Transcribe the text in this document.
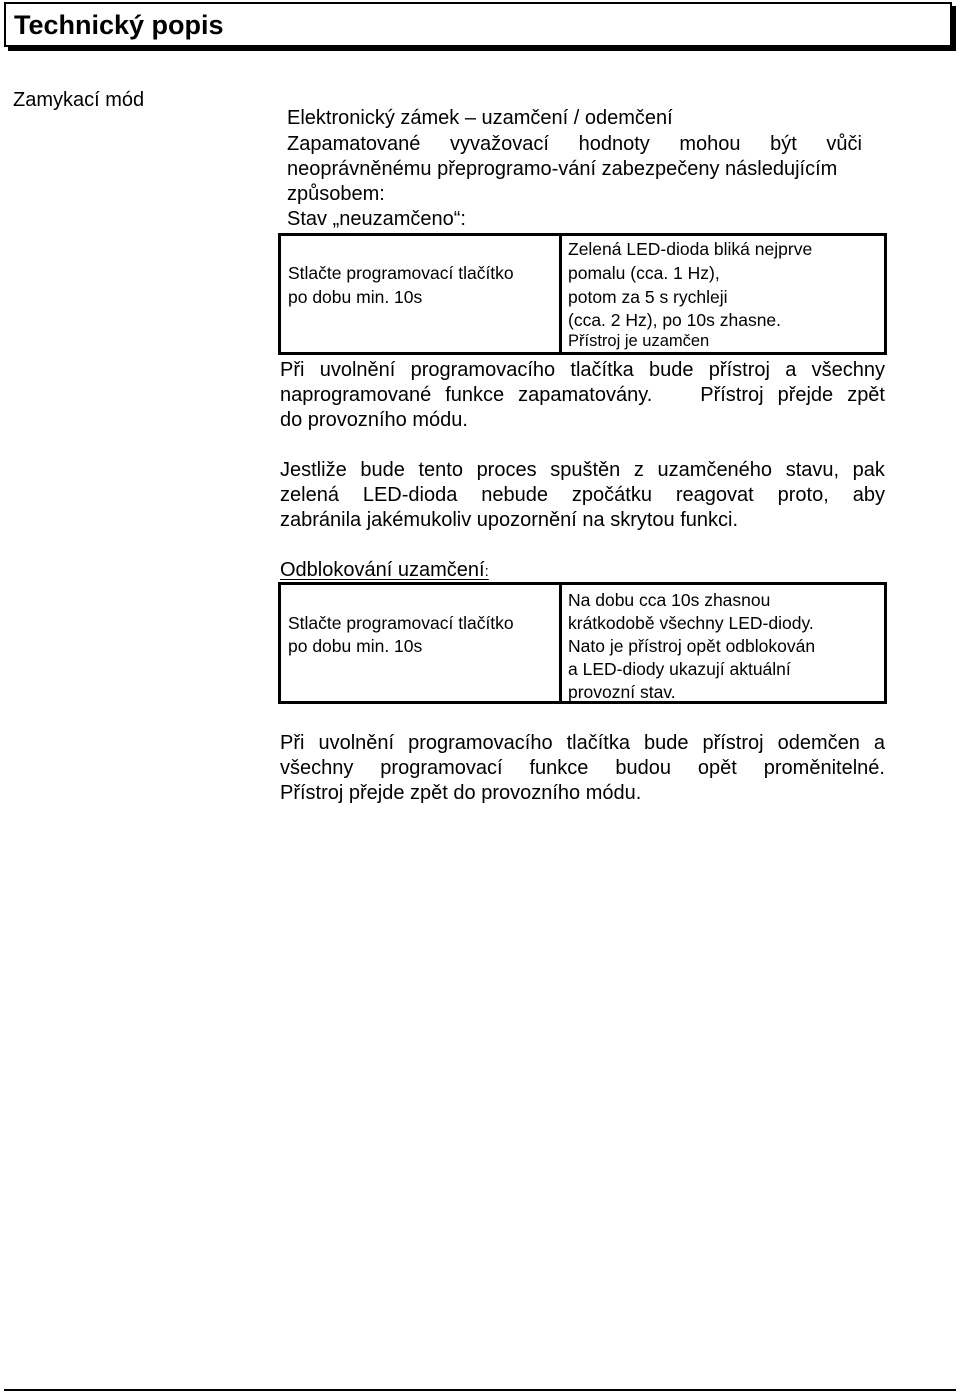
Technický popis
Zamykací mód
Elektronický zámek – uzamčení / odemčení
Zapamatované vyvažovací hodnoty mohou být vůči
neoprávněnému přeprogramo-vání zabezpečeny následujícím
způsobem:
Stav „neuzamčeno“:
Stlačte programovací tlačítko
po dobu min. 10s
Zelená LED-dioda bliká nejprve
pomalu (cca. 1 Hz),
potom za 5 s rychleji
(cca. 2 Hz), po 10s zhasne.
Přístroj je uzamčen
Při uvolnění programovacího tlačítka bude přístroj a všechny
naprogramované funkce zapamatovány. Přístroj přejde zpět
do provozního módu.
Jestliže bude tento proces spuštěn z uzamčeného stavu, pak
zelená LED-dioda nebude zpočátku reagovat proto, aby
zabránila jakémukoliv upozornění na skrytou funkci.
Odblokování uzamčení:
Stlačte programovací tlačítko
po dobu min. 10s
Na dobu cca 10s zhasnou
krátkodobě všechny LED-diody.
Nato je přístroj opět odblokován
a LED-diody ukazují aktuální
provozní stav.
Při uvolnění programovacího tlačítka bude přístroj odemčen a
všechny programovací funkce budou opět proměnitelné.
Přístroj přejde zpět do provozního módu.
